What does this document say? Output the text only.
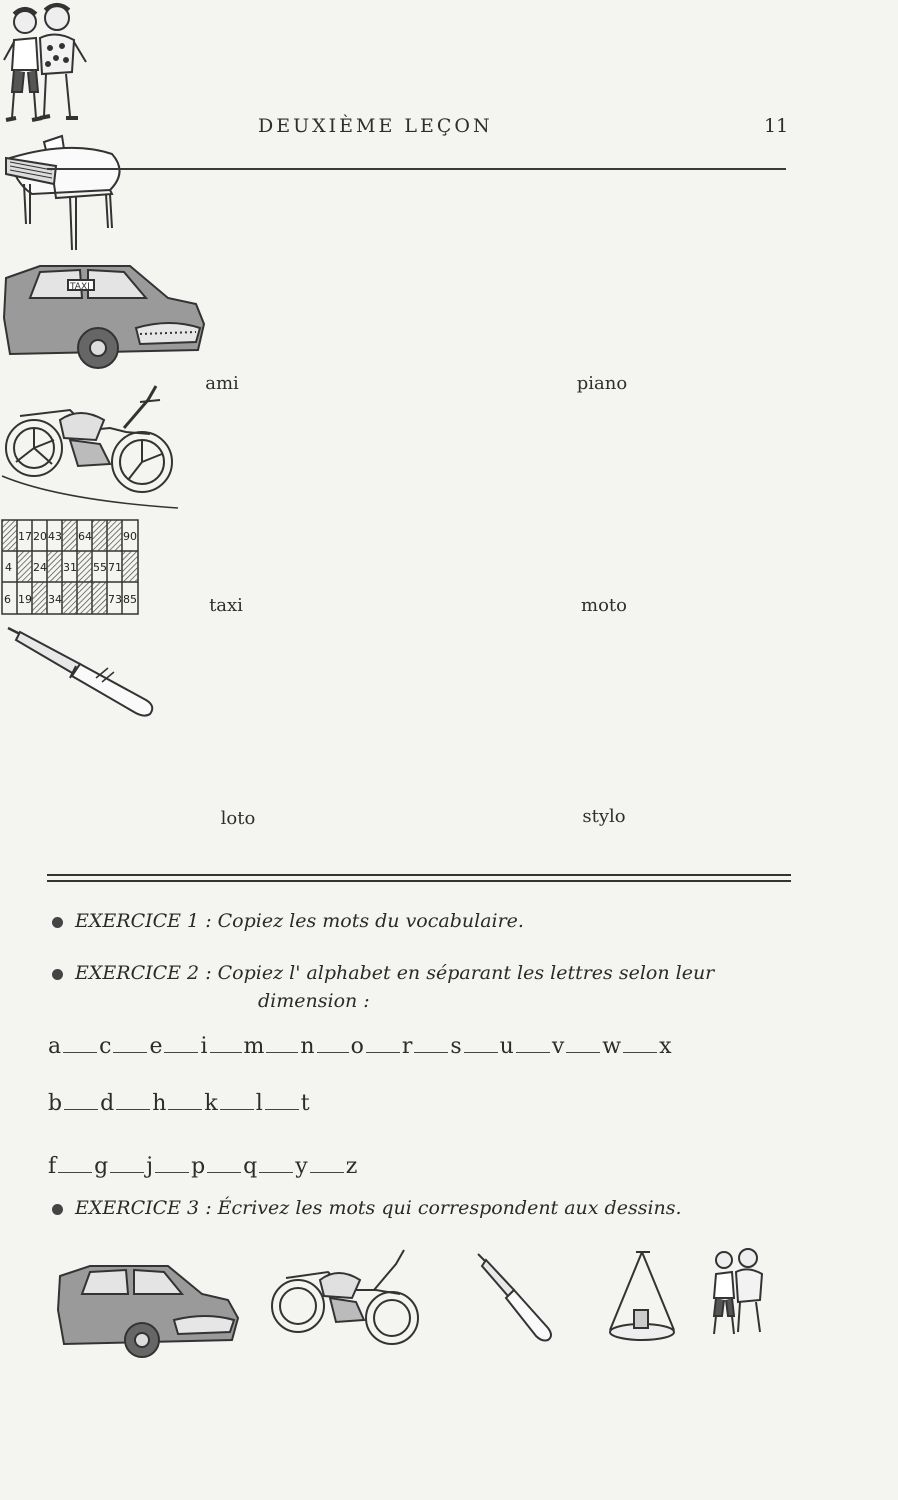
DEUXIÈME LEÇON	11
ami	piano
TAXI
taxi	moto
17 20 43 64	90
4 24 31 55 71
6 19 34	73 85
loto	stylo
EXERCICE 1 : Copiez les mots du vocabulaire.
EXERCICE 2 : Copiez l' alphabet en séparant les lettres selon leur
dimension :
a c e i m n o r s u v w x
b d h k l t
f g j p q y z
EXERCICE 3 : Écrivez les mots qui correspondent aux dessins.
